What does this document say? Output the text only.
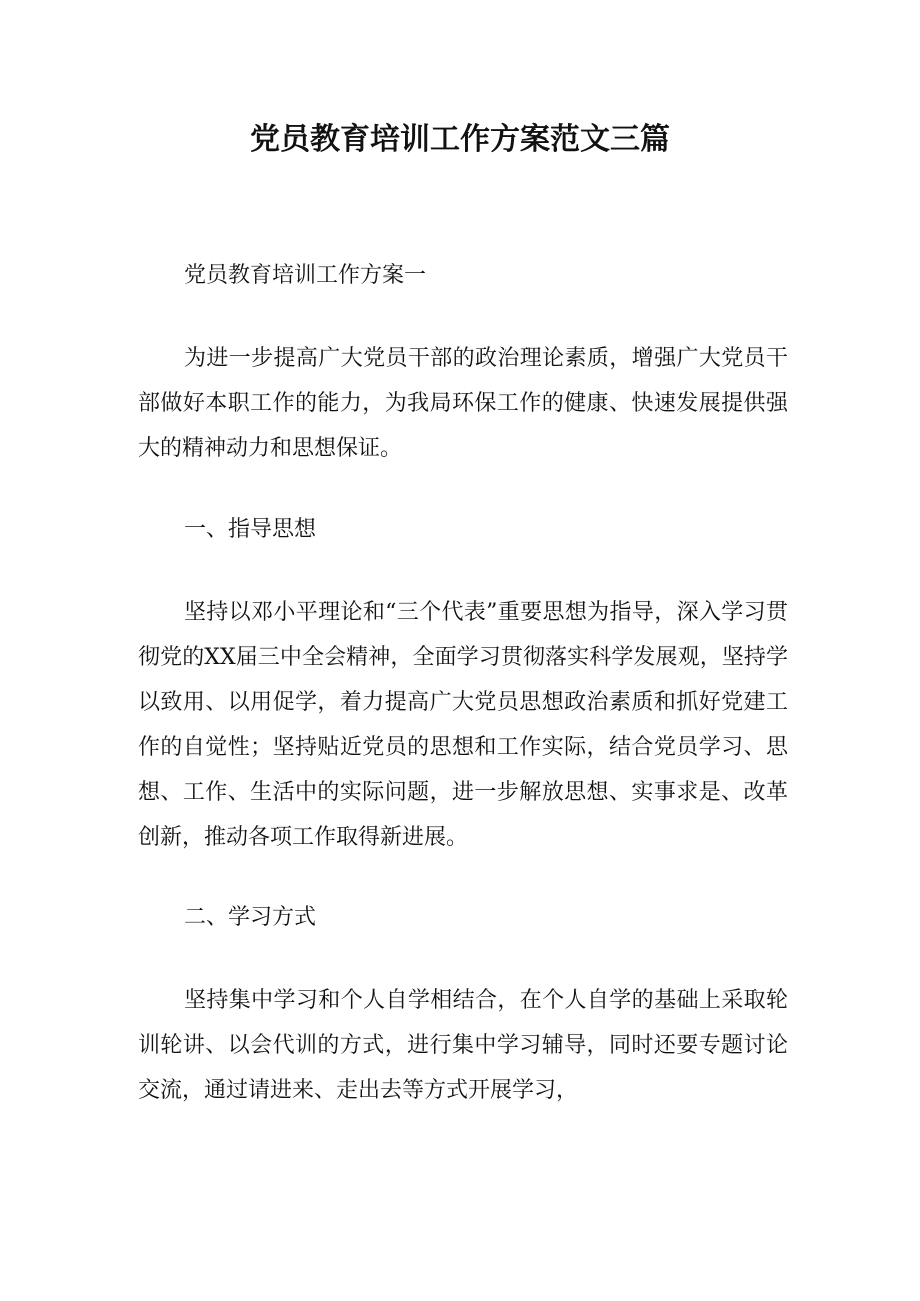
党员教育培训工作方案范文三篇

党员教育培训工作方案一

为进一步提高广大党员干部的政治理论素质，增强广大党员干部做好本职工作的能力，为我局环保工作的健康、快速发展提供强大的精神动力和思想保证。

一、指导思想

坚持以邓小平理论和“三个代表”重要思想为指导，深入学习贯彻党的XX届三中全会精神，全面学习贯彻落实科学发展观，坚持学以致用、以用促学，着力提高广大党员思想政治素质和抓好党建工作的自觉性；坚持贴近党员的思想和工作实际，结合党员学习、思想、工作、生活中的实际问题，进一步解放思想、实事求是、改革创新，推动各项工作取得新进展。

二、学习方式

坚持集中学习和个人自学相结合，在个人自学的基础上采取轮训轮讲、以会代训的方式，进行集中学习辅导，同时还要专题讨论交流，通过请进来、走出去等方式开展学习，
